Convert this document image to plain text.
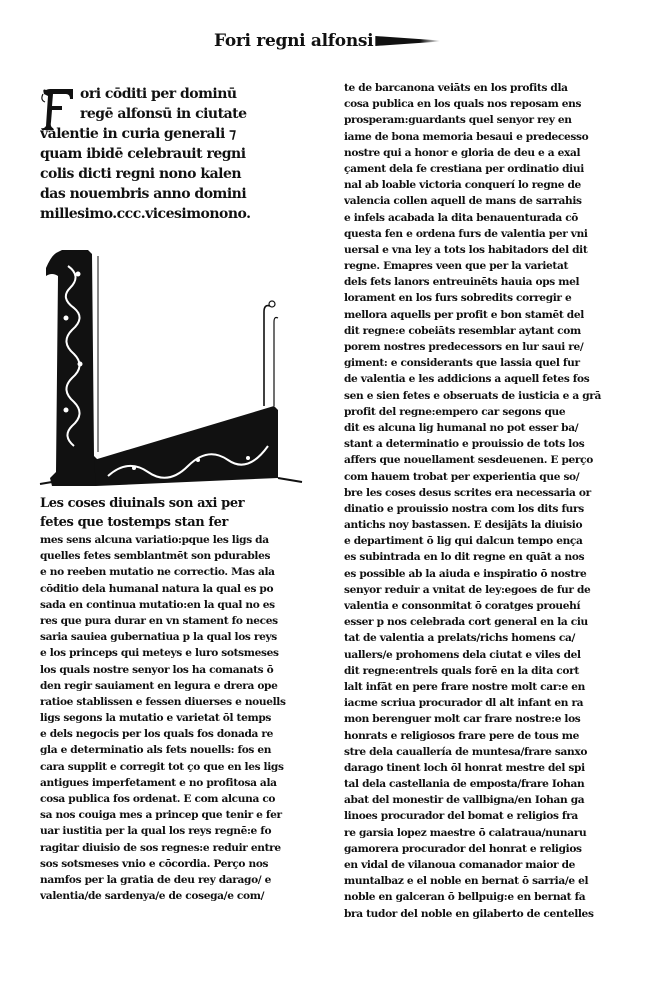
Fori regni alfonsi
ori cōditi per dominū
regē alfonsū in ciutate
valentie in curia generali ⁊
quam ibidē celebrauit regni
colis dicti regni nono kalen
das nouembris anno domini
millesimo.ccc.vicesimonono.
Les coses diuinals son axi per
fetes que tostemps stan fer
mes sens alcuna variatio:pque les ligs da
quelles fetes semblantmēt son pdurables
e no reeben mutatio ne correctio. Mas ala
cōditio dela humanal natura la qual es po
sada en continua mutatio:en la qual no es
res que pura durar en vn stament fo neces
saria sauiea gubernatiua p la qual los reys
e los princeps qui meteys e luro sotsmeses
los quals nostre senyor los ha comanats ō
den regir sauiament en legura e drera ope
ratioe stablissen e fessen diuerses e nouells
ligs segons la mutatio e varietat ōl temps
e dels negocis per los quals fos donada re
gla e determinatio als fets nouells: fos en
cara supplit e corregit tot ço que en les ligs
antigues imperfetament e no profitosa ala
cosa publica fos ordenat. E com alcuna co
sa nos couiga mes a princep que tenir e fer
uar iustitia per la qual los reys regnē:e fo
ragitar diuisio de sos regnes:e reduir entre
sos sotsmeses vnio e cōcordia. Perço nos
namfos per la gratia de deu rey darago/ e
valentia/de sardenya/e de cosega/e com/
te de barcanona veiāts en los profits dla
cosa publica en los quals nos reposam ens
prosperam:guardants quel senyor rey en
iame de bona memoria besaui e predecesso
nostre qui a honor e gloria de deu e a exal
çament dela fe crestiana per ordinatio diui
nal ab loable victoria conquerí lo regne de
valencia collen aquell de mans de sarrahis
e infels acabada la dita benauenturada cō
questa fen e ordena furs de valentia per vni
uersal e vna ley a tots los habitadors del dit
regne. Emapres veen que per la varietat
dels fets lanors entreuinēts hauia ops mel
lorament en los furs sobredits corregir e
mellora aquells per profit e bon stamēt del
dit regne:e cobeiāts resemblar aytant com
porem nostres predecessors en lur saui re/
giment: e considerants que lassia quel fur
de valentia e les addicions a aquell fetes fos
sen e sien fetes e obseruats de iusticia e a grā
profit del regne:empero car segons que
dit es alcuna lig humanal no pot esser ba/
stant a determinatio e prouissio de tots los
affers que nouellament sesdeuenen. E perço
com hauem trobat per experientia que so/
bre les coses desus scrites era necessaria or
dinatio e prouissio nostra com los dits furs
antichs noy bastassen. E desijāts la diuisio
e departiment ō lig qui dalcun tempo ença
es subintrada en lo dit regne en quāt a nos
es possible ab la aiuda e inspiratio ō nostre
senyor reduir a vnitat de ley:egoes de fur de
valentia e consonmitat ō coratges prouehí
esser p nos celebrada cort general en la ciu
tat de valentia a prelats/richs homens ca/
uallers/e prohomens dela ciutat e viles del
dit regne:entrels quals forē en la dita cort
lalt infāt en pere frare nostre molt car:e en
iacme scriua procurador dl alt infant en ra
mon berenguer molt car frare nostre:e los
honrats e religiosos frare pere de tous me
stre dela cauallería de muntesa/frare sanxo
darago tinent loch ōl honrat mestre del spi
tal dela castellania de emposta/frare Iohan
abat del monestir de vallbigna/en Iohan ga
linoes procurador del bomat e religios fra
re garsia lopez maestre ō calatraua/nunaru
gamorera procurador del honrat e religios
en vidal de vilanoua comanador maior de
muntalbaz e el noble en bernat ō sarria/e el
noble en galceran ō bellpuig:e en bernat fa
bra tudor del noble en gilaberto de centelles
